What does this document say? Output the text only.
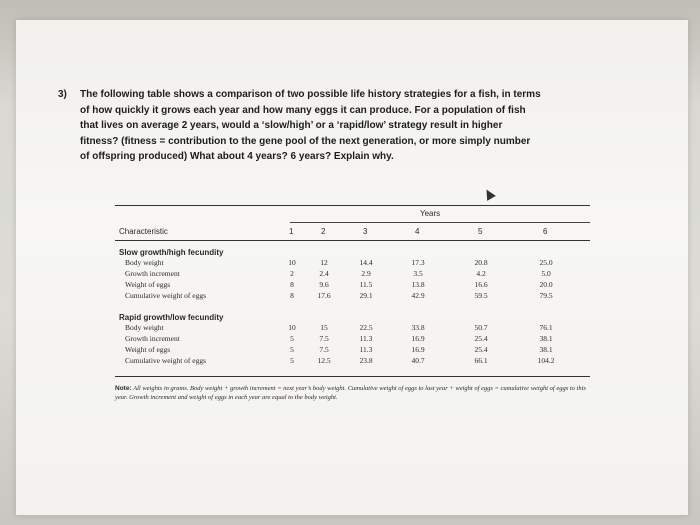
3) The following table shows a comparison of two possible life history strategies for a fish, in terms

of how quickly it grows each year and how many eggs it can produce. For a population of fish

that lives on average 2 years, would a ‘slow/high’ or a ‘rapid/low’ strategy result in higher

fitness? (fitness = contribution to the gene pool of the next generation, or more simply number

of offspring produced) What about 4 years? 6 years? Explain why.

Years
Characteristic	1	2	3	4	5	6
Slow growth/high fecundity
Body weight	10	12	14.4	17.3	20.8	25.0
Growth increment	2	2.4	2.9	3.5	4.2	5.0
Weight of eggs	8	9.6	11.5	13.8	16.6	20.0
Cumulative weight of eggs	8	17.6	29.1	42.9	59.5	79.5
Rapid growth/low fecundity
Body weight	10	15	22.5	33.8	50.7	76.1
Growth increment	5	7.5	11.3	16.9	25.4	38.1
Weight of eggs	5	7.5	11.3	16.9	25.4	38.1
Cumulative weight of eggs	5	12.5	23.8	40.7	66.1	104.2
Note: All weights in grams. Body weight + growth increment = next year’s body weight. Cumulative weight of eggs to last year + weight of eggs = cumulative weight of eggs to this year. Growth increment and weight of eggs in each year are equal to the body weight.
